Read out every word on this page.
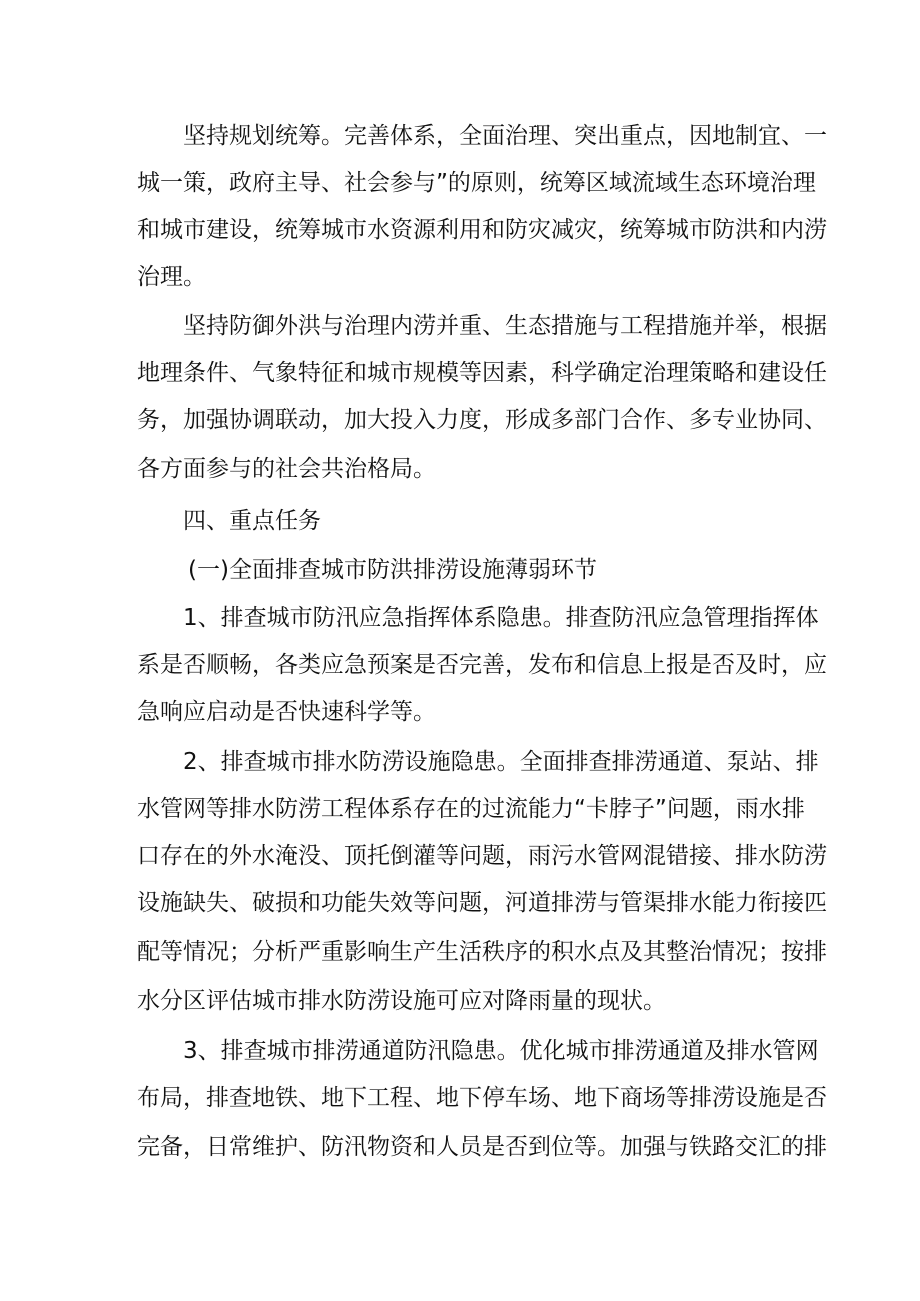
坚持规划统筹。完善体系，全面治理、突出重点，因地制宜、一
城一策，政府主导、社会参与”的原则，统筹区域流域生态环境治理
和城市建设，统筹城市水资源利用和防灾减灾，统筹城市防洪和内涝
治理。
坚持防御外洪与治理内涝并重、生态措施与工程措施并举，根据
地理条件、气象特征和城市规模等因素，科学确定治理策略和建设任
务，加强协调联动，加大投入力度，形成多部门合作、多专业协同、
各方面参与的社会共治格局。
四、重点任务
(一)全面排查城市防洪排涝设施薄弱环节
1、排查城市防汛应急指挥体系隐患。排查防汛应急管理指挥体
系是否顺畅，各类应急预案是否完善，发布和信息上报是否及时，应
急响应启动是否快速科学等。
2、排查城市排水防涝设施隐患。全面排查排涝通道、泵站、排
水管网等排水防涝工程体系存在的过流能力“卡脖子”问题，雨水排
口存在的外水淹没、顶托倒灌等问题，雨污水管网混错接、排水防涝
设施缺失、破损和功能失效等问题，河道排涝与管渠排水能力衔接匹
配等情况；分析严重影响生产生活秩序的积水点及其整治情况；按排
水分区评估城市排水防涝设施可应对降雨量的现状。
3、排查城市排涝通道防汛隐患。优化城市排涝通道及排水管网
布局，排查地铁、地下工程、地下停车场、地下商场等排涝设施是否
完备，日常维护、防汛物资和人员是否到位等。加强与铁路交汇的排
